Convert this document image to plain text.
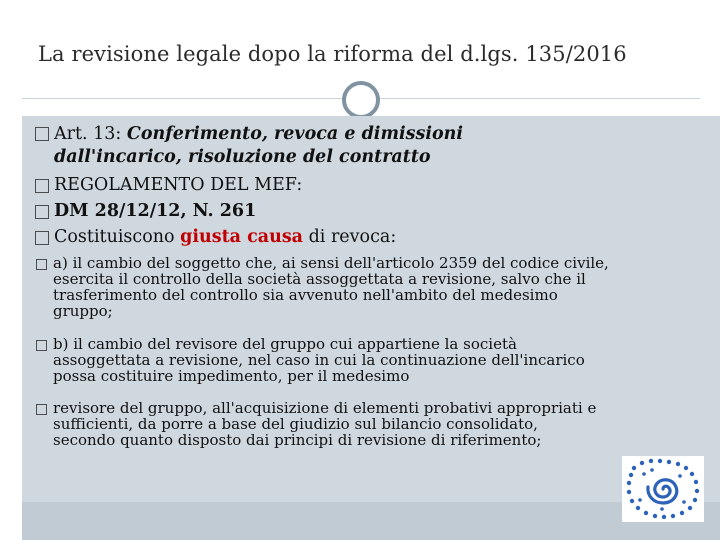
La revisione legale dopo la riforma del d.lgs. 135/2016
Art. 13: Conferimento, revoca e dimissioni
dall'incarico, risoluzione del contratto
REGOLAMENTO DEL MEF:
DM 28/12/12, N. 261
Costituiscono giusta causa di revoca:
a) il cambio del soggetto che, ai sensi dell'articolo 2359 del codice civile,
esercita il controllo della società assoggettata a revisione, salvo che il
trasferimento del controllo sia avvenuto nell'ambito del medesimo
gruppo;
b) il cambio del revisore del gruppo cui appartiene la società
assoggettata a revisione, nel caso in cui la continuazione dell'incarico
possa costituire impedimento, per il medesimo
revisore del gruppo, all'acquisizione di elementi probativi appropriati e
sufficienti, da porre a base del giudizio sul bilancio consolidato,
secondo quanto disposto dai principi di revisione di riferimento;
